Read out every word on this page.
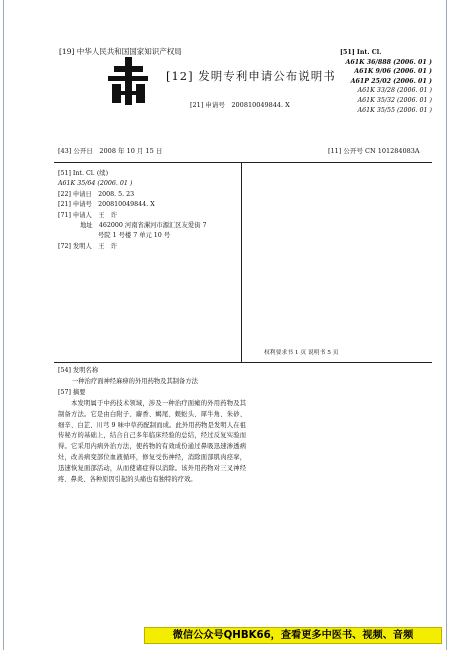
[19] 中华人民共和国国家知识产权局
[12] 发明专利申请公布说明书
[21] 申请号　200810049844. X
[51] Int. Cl.
A61K 36/888 (2006. 01 )
A61K 9/06 (2006. 01 )
A61P 25/02 (2006. 01 )
A61K 33/28 (2006. 01 )
A61K 35/32 (2006. 01 )
A61K 35/55 (2006. 01 )
[43] 公开日　2008 年 10 月 15 日	[11] 公开号 CN 101284083A
[51] Int. Cl. (续)
A61K 35/64 (2006. 01 )
[22] 申请日　2008. 5. 23
[21] 申请号　200810049844. X
[71] 申请人　王　许
地址　462000 河南省漯河市源汇区友爱街 7
号院 1 号楼 7 单元 10 号
[72] 发明人　王　许
权利要求书 1 页 说明书 5 页
[54] 发明名称
一种治疗面神经麻痹的外用药物及其制备方法
[57] 摘要

本发明属于中药技术领域，涉及一种治疗面瘫的外用药物及其制备方法。它是由白附子、麝香、蝎尾、蜈蚣头、犀牛角、朱砂、细辛、白芷、川芎 9 味中草药配制而成。此外用药物是发明人在祖传秘方的基础上，结合自己多年临床经验的总结，经过反复实验而得。它采用内病外治方法，使药物的有效成份通过鼻吸迅速渗透病灶，改善病变部位血液循环，修复受伤神经，消除面部肌肉痉挛，迅速恢复面部活动，从而使诸症得以消除。该外用药物对三叉神经疼、鼻炎、各种原因引起的头痛也有独特的疗效。

微信公众号QHBK66，查看更多中医书、视频、音频
